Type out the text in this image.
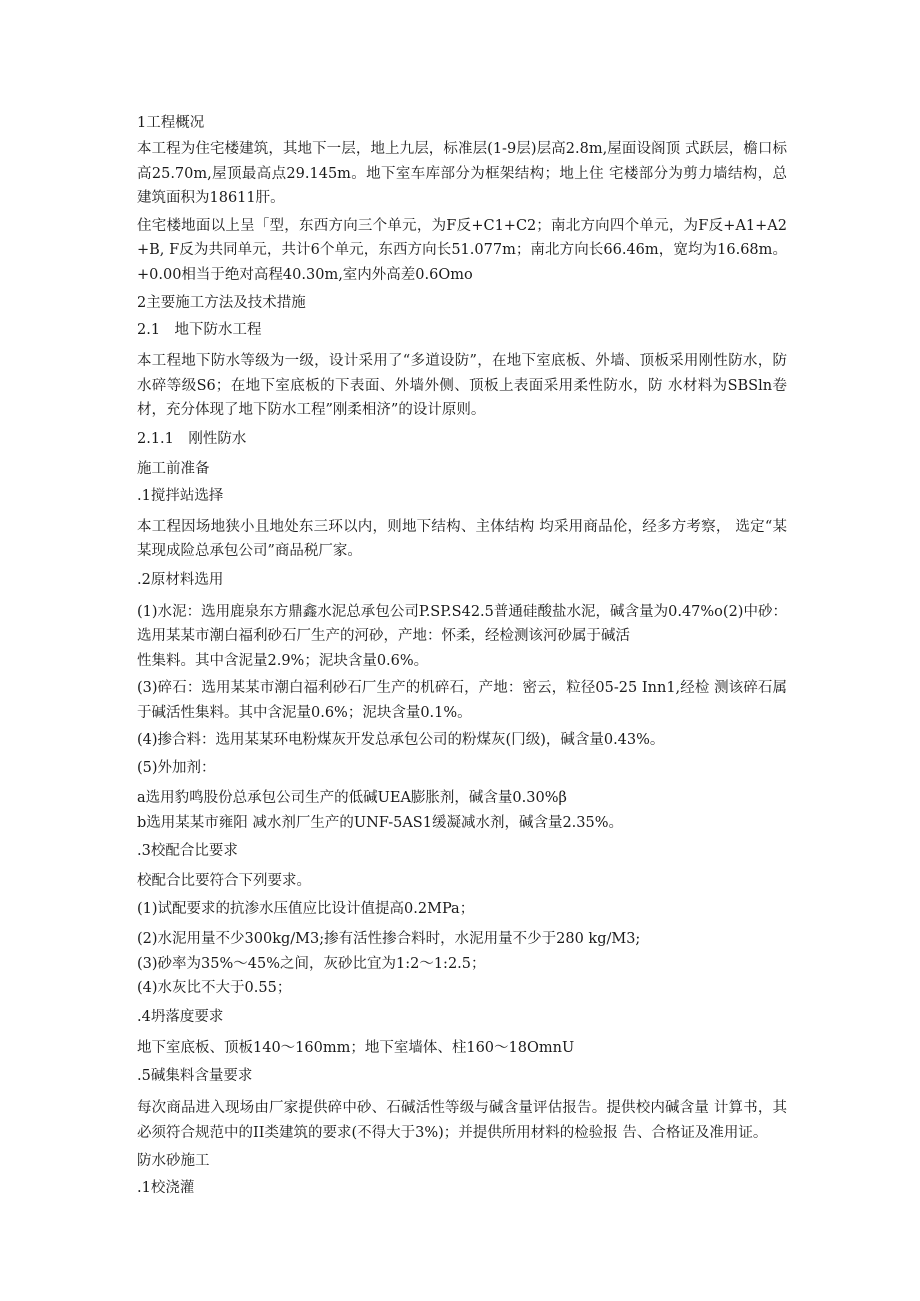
1工程概况
本工程为住宅楼建筑，其地下一层，地上九层，标准层(1-9层)层高2.8m,屋面设阁顶 式跃层，檐口标高25.70m,屋顶最高点29.145m。地下室车库部分为框架结构；地上住 宅楼部分为剪力墙结构，总建筑面积为18611肝。
住宅楼地面以上呈「型，东西方向三个单元，为F反+C1+C2；南北方向四个单元，为F反+A1+A2+B, F反为共同单元，共计6个单元，东西方向长51.077m；南北方向长66.46m，宽均为16.68m。+0.00相当于绝对高程40.30m,室内外高差0.6Omo
2主要施工方法及技术措施
2.1　地下防水工程
本工程地下防水等级为一级，设计采用了“多道设防”，在地下室底板、外墙、顶板采用刚性防水，防水碎等级S6；在地下室底板的下表面、外墙外侧、顶板上表面采用柔性防水，防 水材料为SBSln卷材，充分体现了地下防水工程”刚柔相济”的设计原则。
2.1.1　刚性防水
施工前准备
.1搅拌站选择
本工程因场地狭小且地处东三环以内，则地下结构、主体结构 均采用商品伦，经多方考察， 选定“某某现成险总承包公司”商品税厂家。
.2原材料选用
(1)水泥：选用鹿泉东方鼎鑫水泥总承包公司P.SP.S42.5普通硅酸盐水泥，碱含量为0.47%o(2)中砂：选用某某市潮白福利砂石厂生产的河砂，产地：怀柔，经检测该河砂属于碱活
性集料。其中含泥量2.9%；泥块含量0.6%。
(3)碎石：选用某某市潮白福利砂石厂生产的机碎石，产地：密云，粒径05-25 Inn1,经检 测该碎石属于碱活性集料。其中含泥量0.6%；泥块含量0.1%。
(4)掺合料：选用某某环电粉煤灰开发总承包公司的粉煤灰(冂级)，碱含量0.43%。
(5)外加剂：
a选用豹鸣股份总承包公司生产的低碱UEA膨胀剂，碱含量0.30%β
b选用某某市雍阳 减水剂厂生产的UNF-5AS1缓凝减水剂，碱含量2.35%。
.3校配合比要求
校配合比要符合下列要求。
(1)试配要求的抗渗水压值应比设计值提高0.2MPa；
(2)水泥用量不少300kg∕M3;掺有活性掺合料时，水泥用量不少于280 kg∕M3;
(3)砂率为35%～45%之间，灰砂比宜为1:2～1:2.5；
(4)水灰比不大于0.55；
.4坍落度要求
地下室底板、顶板140～160mm；地下室墙体、柱160～18OmnU
.5碱集料含量要求
每次商品进入现场由厂家提供碎中砂、石碱活性等级与碱含量评估报告。提供校内碱含量 计算书，其必须符合规范中的II类建筑的要求(不得大于3%)；并提供所用材料的检验报 告、合格证及准用证。
防水砂施工
.1校浇灌
